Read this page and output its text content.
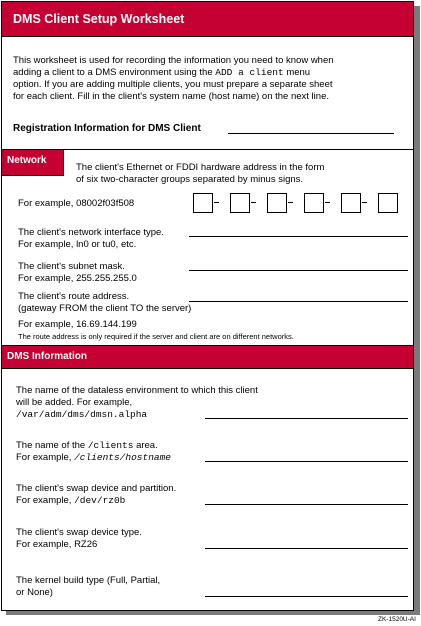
DMS Client Setup Worksheet
This worksheet is used for recording the information you need to know when
adding a client to a DMS environment using the ADD a client menu
option. If you are adding multiple clients, you must prepare a separate sheet
for each client. Fill in the client's system name (host name) on the next line.
Registration Information for DMS Client
Network
The client's Ethernet or FDDI hardware address in the form
of six two-character groups separated by minus signs.
For example, 08002f03f508
The client's network interface type.
For example, ln0 or tu0, etc.
The client's subnet mask.
For example, 255.255.255.0
The client's route address.
(gateway FROM the client TO the server)
For example, 16.69.144.199
The route address is only required if the server and client are on different networks.
DMS Information
The name of the dataless environment to which this client
will be added. For example,
/var/adm/dms/dmsn.alpha
The name of the /clients area.
For example, /clients/hostname
The client's swap device and partition.
For example, /dev/rz0b
The client's swap device type.
For example, RZ26
The kernel build type (Full, Partial,
or None)
ZK-1520U-AI
